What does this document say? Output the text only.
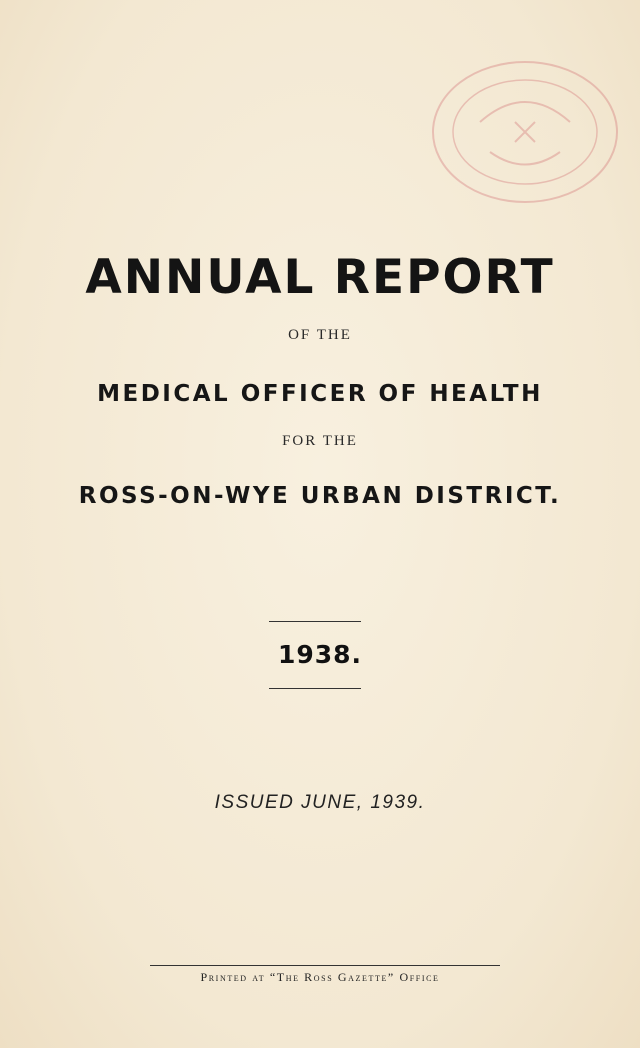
ANNUAL REPORT
OF THE
MEDICAL OFFICER OF HEALTH
FOR THE
ROSS-ON-WYE URBAN DISTRICT.
1938.
ISSUED JUNE, 1939.
Printed at “The Ross Gazette” Office
